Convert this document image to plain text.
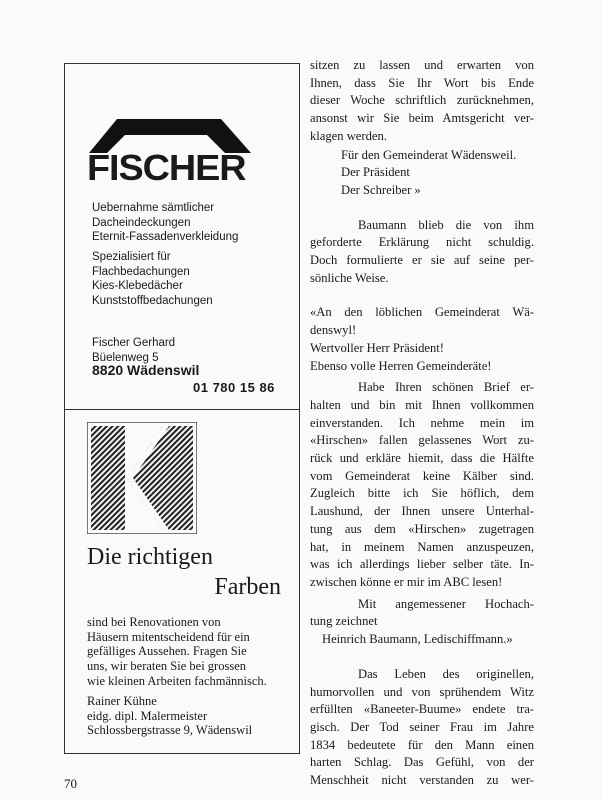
FISCHER
Uebernahme sämtlicher
Dacheindeckungen
Eternit-Fassadenverkleidung
Spezialisiert für
Flachbedachungen
Kies-Klebedächer
Kunststoffbedachungen
Fischer Gerhard
Büelenweg 5
8820 Wädenswil
01 780 15 86
Die richtigen
Farben
sind bei Renovationen von
Häusern mitentscheidend für ein
gefälliges Aussehen. Fragen Sie
uns, wir beraten Sie bei grossen
wie kleinen Arbeiten fachmännisch.
Rainer Kühne
eidg. dipl. Malermeister
Schlossbergstrasse 9, Wädenswil

sitzen zu lassen und erwarten von
Ihnen, dass Sie Ihr Wort bis Ende
dieser Woche schriftlich zurücknehmen,
ansonst wir Sie beim Amtsgericht ver-
klagen werden.

Für den Gemeinderat Wädensweil.
Der Präsident
Der Schreiber »

Baumann blieb die von ihm
geforderte Erklärung nicht schuldig.
Doch formulierte er sie auf seine per-
sönliche Weise.

«An den löblichen Gemeinderat Wä-
denswyl!
Wertvoller Herr Präsident!
Ebenso volle Herren Gemeinderäte!

Habe Ihren schönen Brief er-
halten und bin mit Ihnen vollkommen
einverstanden. Ich nehme mein im
«Hirschen» fallen gelassenes Wort zu-
rück und erkläre hiemit, dass die Hälfte
vom Gemeinderat keine Kälber sind.
Zugleich bitte ich Sie höflich, dem
Laushund, der Ihnen unsere Unterhal-
tung aus dem «Hirschen» zugetragen
hat, in meinem Namen anzuspeuzen,
was ich allerdings lieber selber täte. In-
zwischen könne er mir im ABC lesen!

Mit angemessener Hochach-
tung zeichnet
Heinrich Baumann, Ledischiffmann.»

Das Leben des originellen,
humorvollen und von sprühendem Witz
erfüllten «Baneeter-Buume» endete tra-
gisch. Der Tod seiner Frau im Jahre
1834 bedeutete für den Mann einen
harten Schlag. Das Gefühl, von der
Menschheit nicht verstanden zu wer-

70
